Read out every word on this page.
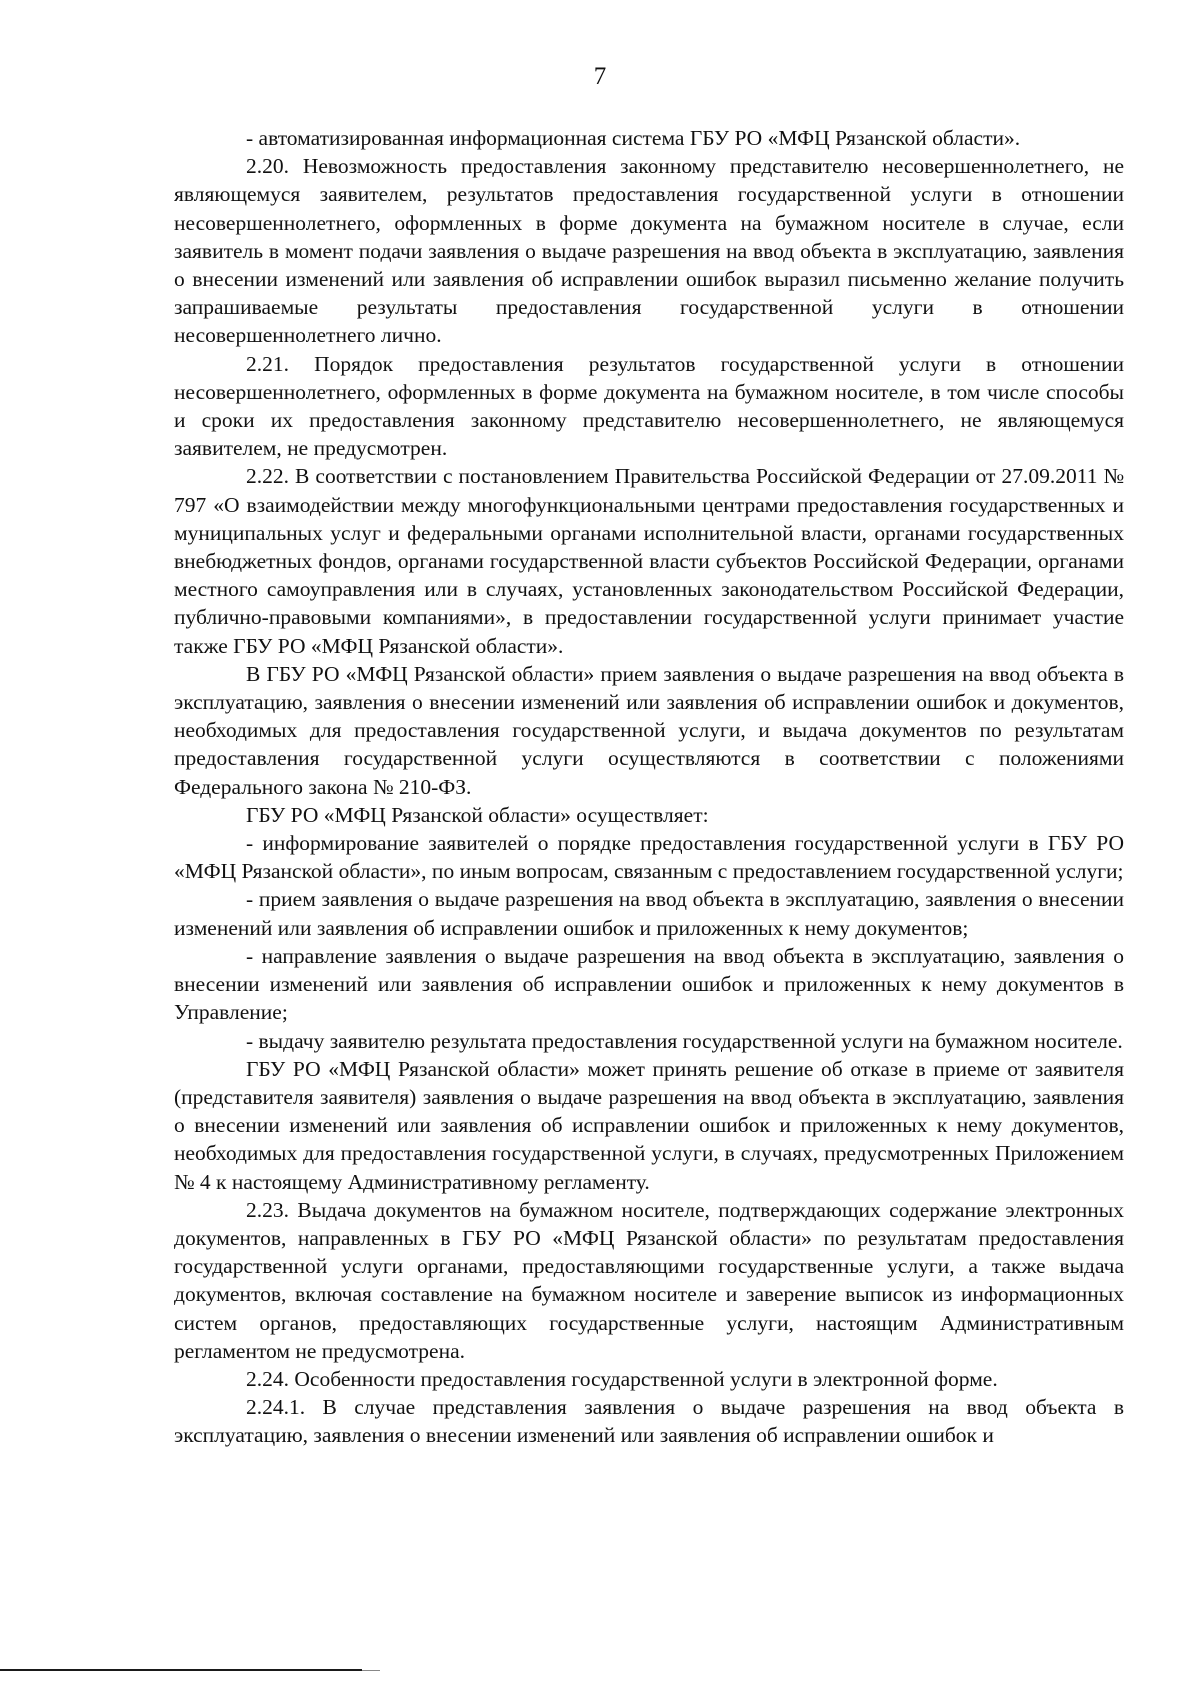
7

- автоматизированная информационная система ГБУ РО «МФЦ Рязанской области».

2.20. Невозможность предоставления законному представителю несовершеннолетнего, не являющемуся заявителем, результатов предоставления государственной услуги в отношении несовершеннолетнего, оформленных в форме документа на бумажном носителе в случае, если заявитель в момент подачи заявления о выдаче разрешения на ввод объекта в эксплуатацию, заявления о внесении изменений или заявления об исправлении ошибок выразил письменно желание получить запрашиваемые результаты предоставления государственной услуги в отношении несовершеннолетнего лично.

2.21. Порядок предоставления результатов государственной услуги в отношении несовершеннолетнего, оформленных в форме документа на бумажном носителе, в том числе способы и сроки их предоставления законному представителю несовершеннолетнего, не являющемуся заявителем, не предусмотрен.

2.22. В соответствии с постановлением Правительства Российской Федерации от 27.09.2011 № 797 «О взаимодействии между многофункциональными центрами предоставления государственных и муниципальных услуг и федеральными органами исполнительной власти, органами государственных внебюджетных фондов, органами государственной власти субъектов Российской Федерации, органами местного самоуправления или в случаях, установленных законодательством Российской Федерации, публично-правовыми компаниями», в предоставлении государственной услуги принимает участие также ГБУ РО «МФЦ Рязанской области».

В ГБУ РО «МФЦ Рязанской области» прием заявления о выдаче разрешения на ввод объекта в эксплуатацию, заявления о внесении изменений или заявления об исправлении ошибок и документов, необходимых для предоставления государственной услуги, и выдача документов по результатам предоставления государственной услуги осуществляются в соответствии с положениями Федерального закона № 210-ФЗ.

ГБУ РО «МФЦ Рязанской области» осуществляет:

- информирование заявителей о порядке предоставления государственной услуги в ГБУ РО «МФЦ Рязанской области», по иным вопросам, связанным с предоставлением государственной услуги;

- прием заявления о выдаче разрешения на ввод объекта в эксплуатацию, заявления о внесении изменений или заявления об исправлении ошибок и приложенных к нему документов;

- направление заявления о выдаче разрешения на ввод объекта в эксплуатацию, заявления о внесении изменений или заявления об исправлении ошибок и приложенных к нему документов в Управление;

- выдачу заявителю результата предоставления государственной услуги на бумажном носителе.

ГБУ РО «МФЦ Рязанской области» может принять решение об отказе в приеме от заявителя (представителя заявителя) заявления о выдаче разрешения на ввод объекта в эксплуатацию, заявления о внесении изменений или заявления об исправлении ошибок и приложенных к нему документов, необходимых для предоставления государственной услуги, в случаях, предусмотренных Приложением № 4 к настоящему Административному регламенту.

2.23. Выдача документов на бумажном носителе, подтверждающих содержание электронных документов, направленных в ГБУ РО «МФЦ Рязанской области» по результатам предоставления государственной услуги органами, предоставляющими государственные услуги, а также выдача документов, включая составление на бумажном носителе и заверение выписок из информационных систем органов, предоставляющих государственные услуги, настоящим Административным регламентом не предусмотрена.

2.24. Особенности предоставления государственной услуги в электронной форме.

2.24.1. В случае представления заявления о выдаче разрешения на ввод объекта в эксплуатацию, заявления о внесении изменений или заявления об исправлении ошибок и
